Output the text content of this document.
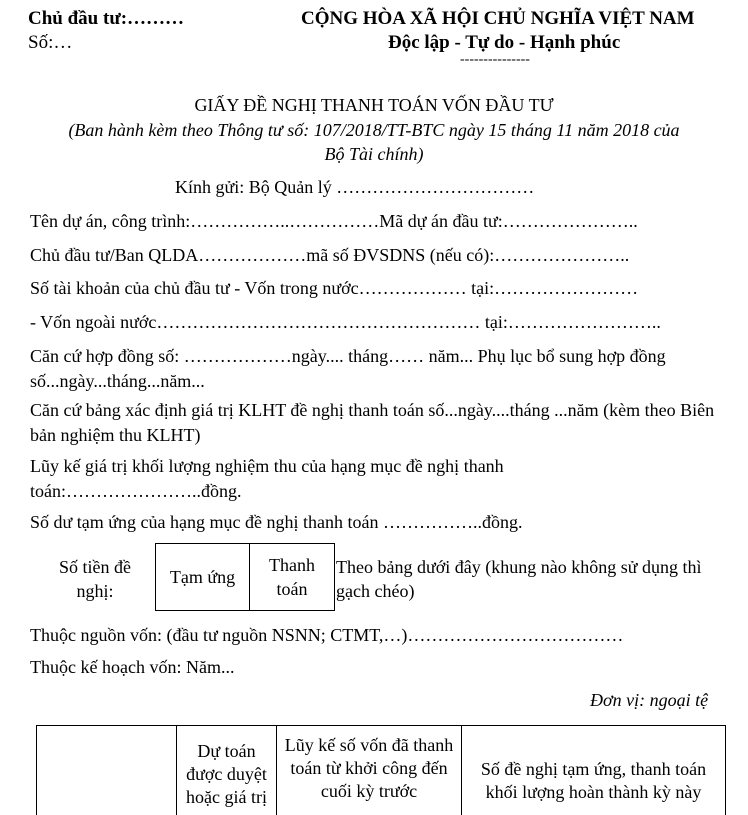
Chủ đầu tư:………
Số:…
CỘNG HÒA XÃ HỘI CHỦ NGHĨA VIỆT NAM
Độc lập - Tự do - Hạnh phúc
---------------
GIẤY ĐỀ NGHỊ THANH TOÁN VỐN ĐẦU TƯ
(Ban hành kèm theo Thông tư số: 107/2018/TT-BTC ngày 15 tháng 11 năm 2018 của
Bộ Tài chính)
Kính gửi: Bộ Quản lý ……………………………
Tên dự án, công trình:……………..……………Mã dự án đầu tư:…………………..
Chủ đầu tư/Ban QLDA………………mã số ĐVSDNS (nếu có):…………………..
Số tài khoản của chủ đầu tư - Vốn trong nước……………… tại:……………………
- Vốn ngoài nước……………………………………………… tại:……………………..
Căn cứ hợp đồng số: ………………ngày.... tháng…… năm... Phụ lục bổ sung hợp đồng số...ngày...tháng...năm...
Căn cứ bảng xác định giá trị KLHT đề nghị thanh toán số...ngày....tháng ...năm (kèm theo Biên bản nghiệm thu KLHT)
Lũy kế giá trị khối lượng nghiệm thu của hạng mục đề nghị thanh toán:…………………..đồng.
Số dư tạm ứng của hạng mục đề nghị thanh toán ……………..đồng.
Số tiền đề nghị:
Tạm ứng
Thanh toán
Theo bảng dưới đây (khung nào không sử dụng thì gạch chéo)
Thuộc nguồn vốn: (đầu tư nguồn NSNN; CTMT,…)………………………………
Thuộc kế hoạch vốn: Năm...
Đơn vị: ngoại tệ
Dự toán được duyệt hoặc giá trị
Lũy kế số vốn đã thanh toán từ khởi công đến cuối kỳ trước
Số đề nghị tạm ứng, thanh toán khối lượng hoàn thành kỳ này
